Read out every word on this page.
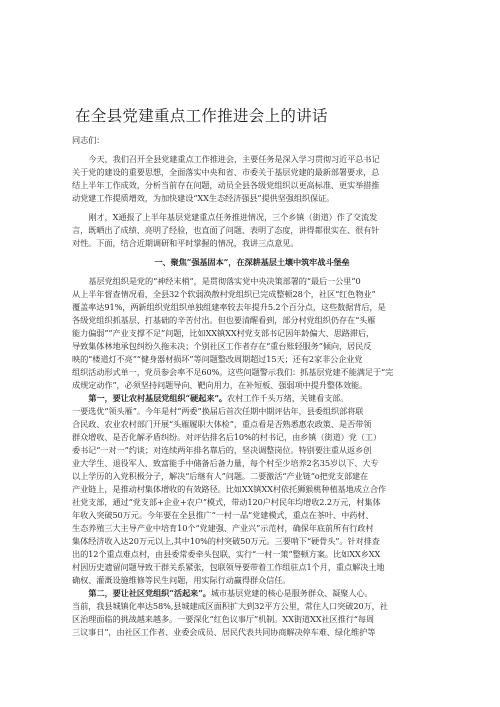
在全县党建重点工作推进会上的讲话
同志们：
今天，我们召开全县党建重点工作推进会，主要任务是深入学习贯彻习近平总书记
关于党的建设的重要思想，全面落实中央和省、市委关于基层党建的最新部署要求，总
结上半年工作成效，分析当前存在问题，动员全县各级党组织以更高标准、更实举措推
动党建工作提质增效，为加快建设“XX生态经济强县”提供坚强组织保证。
刚才，X通报了上半年基层党建重点任务推进情况，三个乡镇（街道）作了交流发
言，既晒出了成绩、亮明了经验，也直面了问题、表明了态度，讲得都很实在、很有针
对性。下面，结合近期调研和平时掌握的情况，我讲三点意见。
一、聚焦“强基固本”，在深耕基层土壤中筑牢战斗堡垒
基层党组织是党的“神经末梢”，是贯彻落实党中央决策部署的“最后一公里”0
从上半年督查情况看，全县32个软弱涣散村党组织已完成整顿28个，社区“红色物业”
覆盖率达91%，两新组织党组织单独组建率较去年提升5.2个百分点，这些数据背后，是
各级党组织抓基层、打基础的辛苦付出。但也要清醒看到，部分村党组织仍存在“头雁
能力偏弱”“产业支撑不足”问题，比如XX镇XX村党支部书记因年龄偏大、思路滞后，
导致集体林地承包纠纷久拖未决；个别社区工作者存在“重台账轻服务”倾向，居民反
映的“楼道灯不亮”“健身器材损坏”等问题整改周期超过15天；还有2家非公企业党
组织活动形式单一，党员参会率不足60%。这些问题警示我们：抓基层党建不能满足于“完
成规定动作”，必须坚持问题导向、靶向用力，在补短板、强弱项中提升整体效能。
第一，要让农村基层党组织“硬起来”。农村工作千头万绪，关键看支部。
一要选优“领头雁”。今年是村“两委”换届后首次任期中期评估年，县委组织部将联
合民政、农业农村部门开展“头雁履职大体检”，重点看是否熟悉惠农政策、是否带领
群众增收、是否化解矛盾纠纷。对评估排名后10%的村书记，由乡镇（街道）党（工）
委书记“一对一”约谈；对连续两年排名靠后的，坚决调整岗位。特别要注重从返乡创
业大学生、退役军人、致富能手中储备后备力量，每个村至少培养2名35岁以下、大专
以上学历的入党积极分子，解决“后继有人”问题。二要激活“产业链”o把党支部建在
产业链上，是推动村集体增收的有效路径。比如XX镇XX村依托狮猴桃种植基地成立合作
社党支部，通过“党支部+企业+农户”模式，带动120户村民年均增收2.2万元，村集体
年收入突破50万元。今年要在全县推广“一村一品”党建模式，重点在茶叶、中药材、
生态养殖三大主导产业中培育10个“党建强、产业兴”示范村，确保年底前所有行政村
集体经济收入达20万元以上,其中10%的村突破50万元。三要啃下“硬骨头”。针对排查
出的12个重点难点村，由县委常委牵头包联，实行“一村一策”整顿方案。比如XX乡XX
村因历史遗留问题导致干群关系紧张，包联领导要带着工作组驻点1个月，重点解决土地
确权、灌溉设施维修等民生问题，用实际行动赢得群众信任。
第二，要让社区党组织“活起来”。城市基层党建的核心是服务群众、凝聚人心。
当前，我县城镇化率达58%,县城建成区面积扩大到32平方公里，常住人口突破20万，社
区治理面临的挑战越来越多。一要深化“红色议事厅”机制。XX街道XX社区推行“每周
三议事日”，由社区工作者、业委会成员、居民代表共同协商解决停车难、绿化维护等
